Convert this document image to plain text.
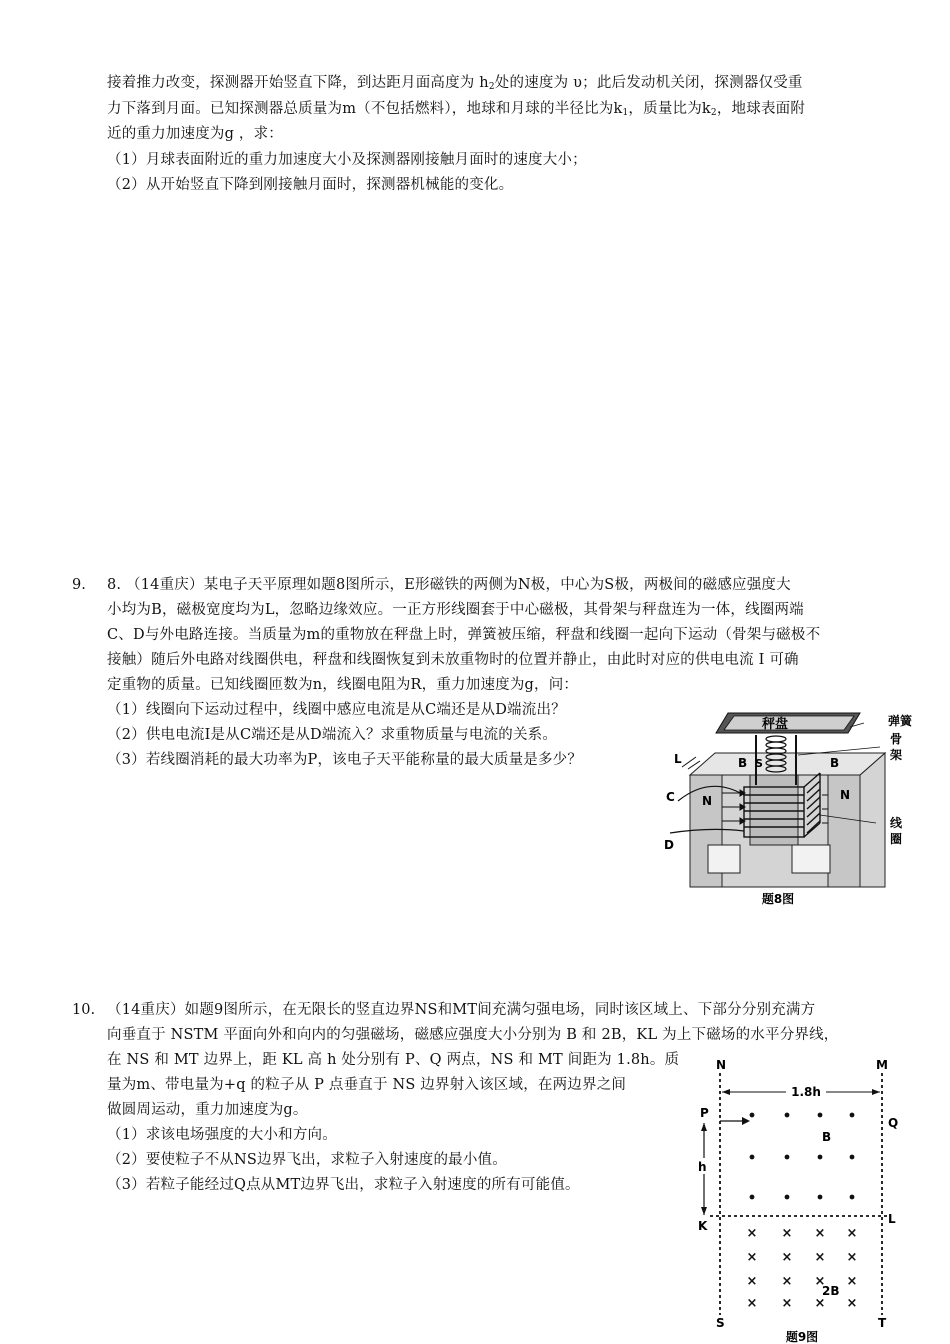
接着推力改变，探测器开始竖直下降，到达距月面高度为 $h_2$处的速度为 υ；此后发动机关闭，探测器仅受重
力下落到月面。已知探测器总质量为m（不包括燃料），地球和月球的半径比为$k_1$，质量比为$k_2$，地球表面附
近的重力加速度为g ，求：
（1）月球表面附近的重力加速度大小及探测器刚接触月面时的速度大小；
（2）从开始竖直下降到刚接触月面时，探测器机械能的变化。
9. 8. （14重庆）某电子天平原理如题8图所示，E形磁铁的两侧为N极，中心为S极，两极间的磁感应强度大
小均为B，磁极宽度均为L，忽略边缘效应。一正方形线圈套于中心磁极，其骨架与秤盘连为一体，线圈两端
C、D与外电路连接。当质量为m的重物放在秤盘上时，弹簧被压缩，秤盘和线圈一起向下运动（骨架与磁极不
接触）随后外电路对线圈供电，秤盘和线圈恢复到未放重物时的位置并静止，由此时对应的供电电流 I 可确
定重物的质量。已知线圈匝数为n，线圈电阻为R，重力加速度为g，问：
（1）线圈向下运动过程中，线圈中感应电流是从C端还是从D端流出？
（2）供电电流I是从C端还是从D端流入？求重物质量与电流的关系。
（3）若线圈消耗的最大功率为P，该电子天平能称量的最大质量是多少？
秤盘	弹簧
骨
架
线
圈
L
C
D
B S	B
N	N
题8图
10. （14重庆）如题9图所示，在无限长的竖直边界NS和MT间充满匀强电场，同时该区域上、下部分分别充满方
向垂直于 NSTM 平面向外和向内的匀强磁场，磁感应强度大小分别为 B 和 2B，KL 为上下磁场的水平分界线，
在 NS 和 MT 边界上，距 KL 高 h 处分别有 P、Q 两点，NS 和 MT 间距为 1.8h。质
量为m、带电量为+q 的粒子从 P 点垂直于 NS 边界射入该区域，在两边界之间
做圆周运动，重力加速度为g。
（1）求该电场强度的大小和方向。
（2）要使粒子不从NS边界飞出，求粒子入射速度的最小值。
（3）若粒子能经过Q点从MT边界飞出，求粒子入射速度的所有可能值。
× × × ×
× × × ×
× × × ×
× × × ×
N	M
1.8h
P
Q
B
h
K	L
2B
S	T
题9图
